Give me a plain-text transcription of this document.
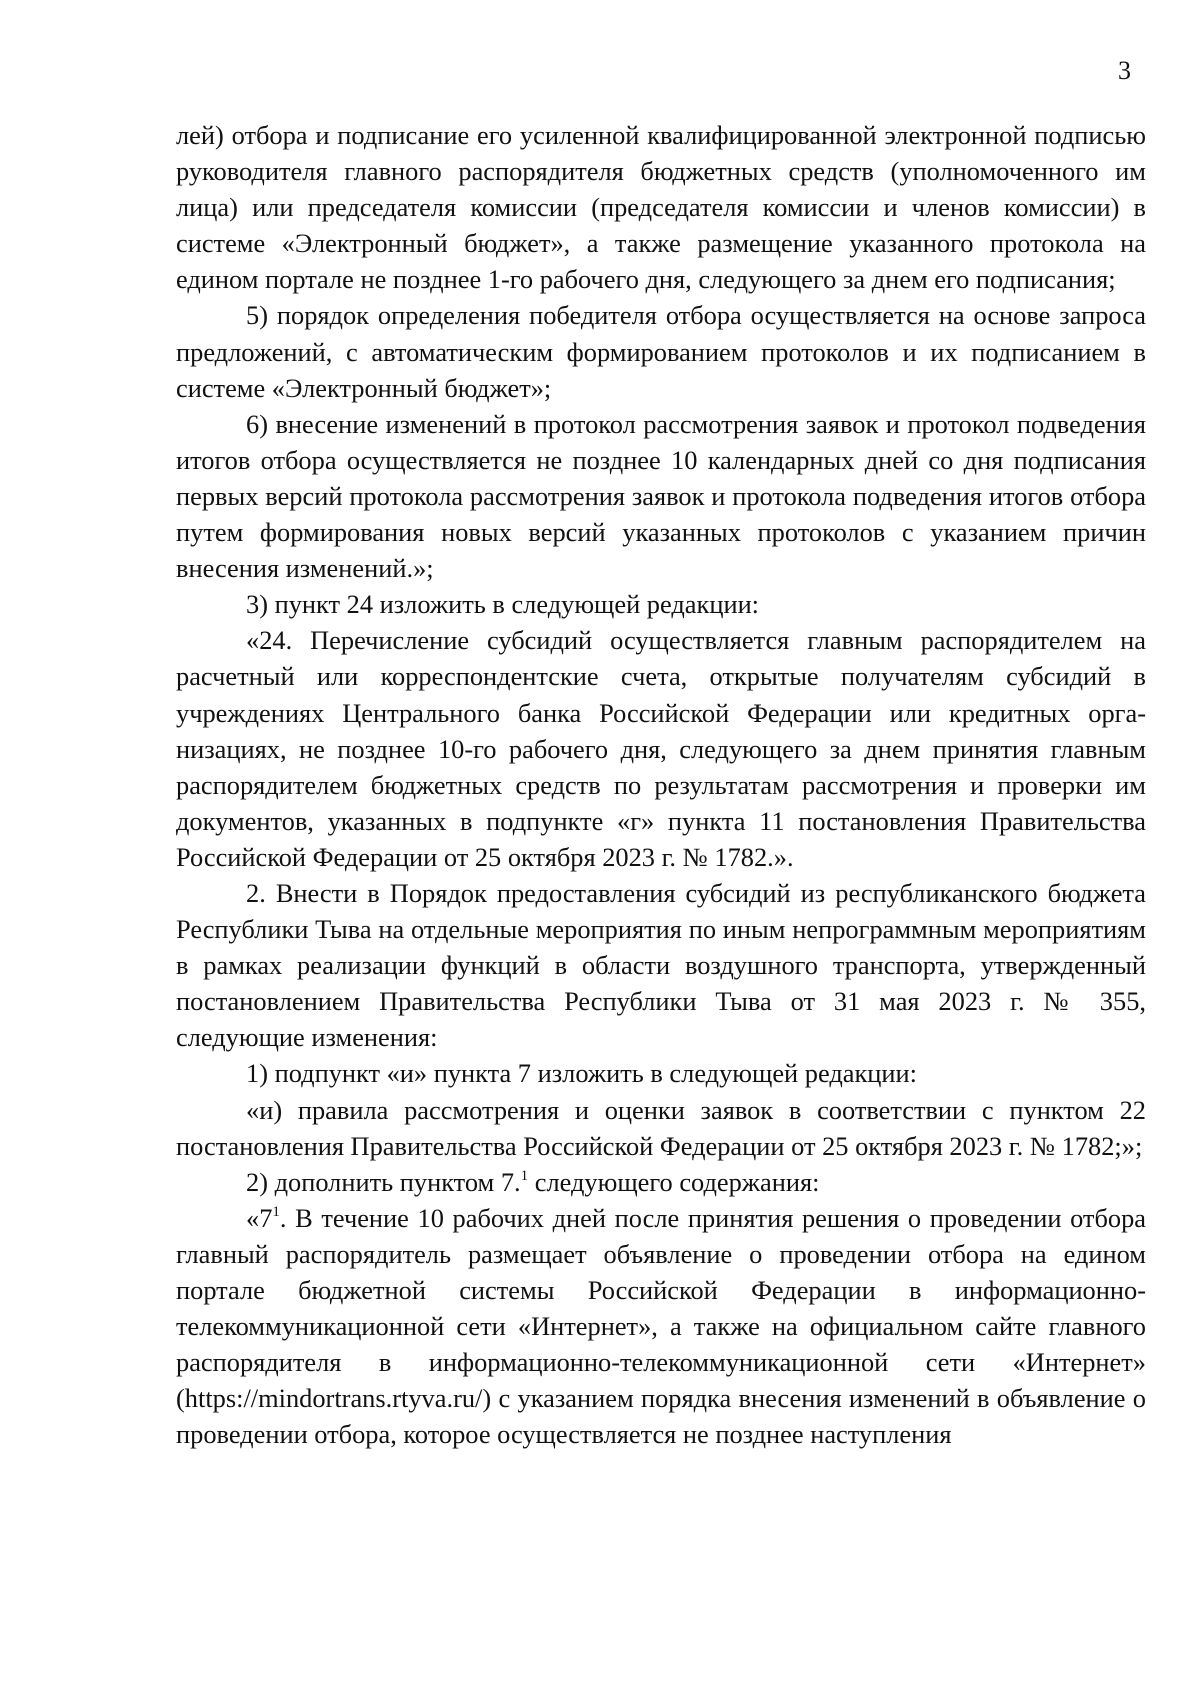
3

лей) отбора и подписание его усиленной квалифицированной электронной подписью руководителя главного распорядителя бюджетных средств (уполномоченного им лица) или председателя комиссии (председателя комиссии и членов комиссии) в системе «Электронный бюджет», а также размещение указанного протокола на едином портале не позднее 1-го рабочего дня, следующего за днем его подписания;

5) порядок определения победителя отбора осуществляется на основе запроса предложений, с автоматическим формированием протоколов и их подписанием в системе «Электронный бюджет»;

6) внесение изменений в протокол рассмотрения заявок и протокол подведения итогов отбора осуществляется не позднее 10 календарных дней со дня подписания первых версий протокола рассмотрения заявок и протокола подведения итогов отбора путем формирования новых версий указанных протоколов с указанием причин внесения изменений.»;

3) пункт 24 изложить в следующей редакции:

«24. Перечисление субсидий осуществляется главным распорядителем на расчетный или корреспондентские счета, открытые получателям субсидий в учреждениях Центрального банка Российской Федерации или кредитных организациях, не позднее 10-го рабочего дня, следующего за днем принятия главным распорядителем бюджетных средств по результатам рассмотрения и проверки им документов, указанных в подпункте «г» пункта 11 постановления Правительства Российской Федерации от 25 октября 2023 г. № 1782.».

2. Внести в Порядок предоставления субсидий из республиканского бюджета Республики Тыва на отдельные мероприятия по иным непрограммным мероприятиям в рамках реализации функций в области воздушного транспорта, утвержденный постановлением Правительства Республики Тыва от 31 мая 2023 г. № 355, следующие изменения:

1) подпункт «и» пункта 7 изложить в следующей редакции:

«и) правила рассмотрения и оценки заявок в соответствии с пунктом 22 постановления Правительства Российской Федерации от 25 октября 2023 г. № 1782;»;

2) дополнить пунктом 7.$^1$ следующего содержания:

«$7^1$. В течение 10 рабочих дней после принятия решения о проведении отбора главный распорядитель размещает объявление о проведении отбора на едином портале бюджетной системы Российской Федерации в информационно-телекоммуникационной сети «Интернет», а также на официальном сайте главного распорядителя в информационно-телекоммуникационной сети «Интернет» (https://mindortrans.rtyva.ru/) с указанием порядка внесения изменений в объявление о проведении отбора, которое осуществляется не позднее наступления
